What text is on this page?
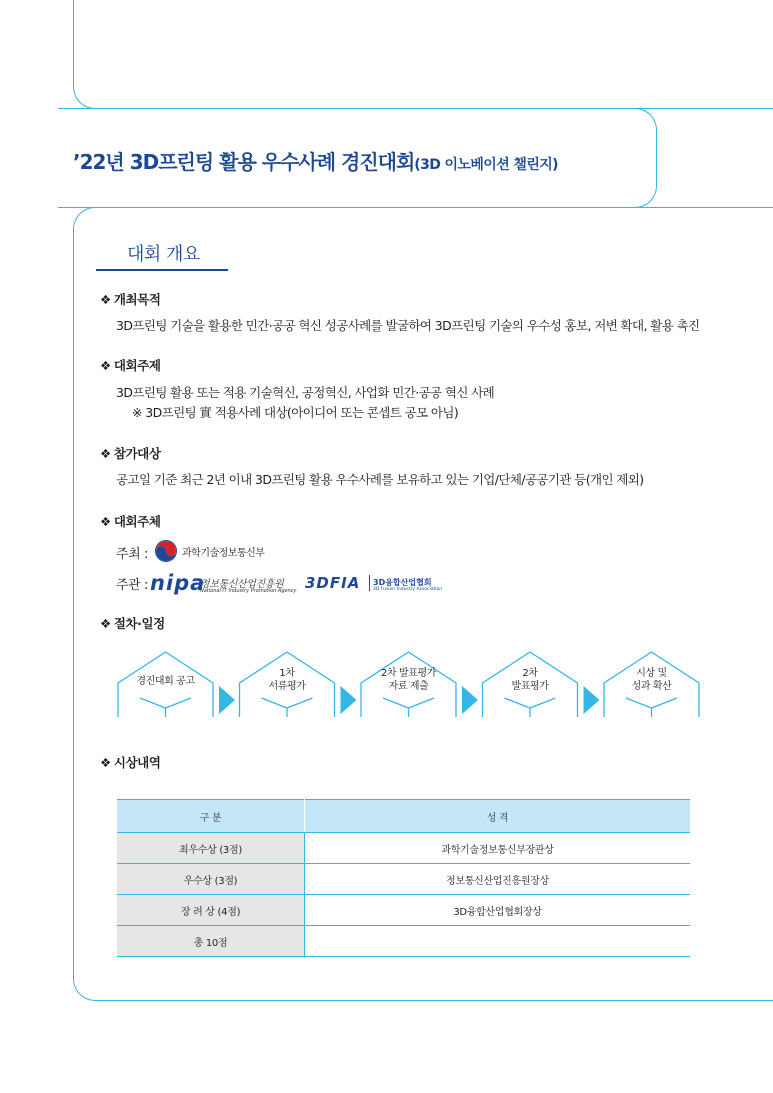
’22년 3D프린팅 활용 우수사례 경진대회(3D 이노베이션 챌린지)
대회 개요
❖ 개최목적
3D프린팅 기술을 활용한 민간·공공 혁신 성공사례를 발굴하여 3D프린팅 기술의 우수성 홍보, 저변 확대, 활용 촉진
❖ 대회주제
3D프린팅 활용 또는 적용 기술혁신, 공정혁신, 사업화 민간·공공 혁신 사례
※ 3D프린팅 實 적용사례 대상(아이디어 또는 콘셉트 공모 아님)
❖ 참가대상
공고일 기준 최근 2년 이내 3D프린팅 활용 우수사례를 보유하고 있는 기업/단체/공공기관 등(개인 제외)
❖ 대회주체
주최 :	과학기술정보통신부
주관 : nipa
정보통신산업진흥원
National IT Industry Promotion Agency 3DFIA 3D융합산업협회
3D Fusion Industry Association
❖ 절차·일정
경진대회 공고
1차
서류평가
2차 발표평가
자료 제출
2차
발표평가
시상 및
성과 확산
❖ 시상내역
구 분	성 격
최우수상 (3점)	과학기술정보통신부장관상
우수상 (3점)	정보통신산업진흥원장상
장 려 상 (4점)	3D융합산업협회장상
총 10점	
